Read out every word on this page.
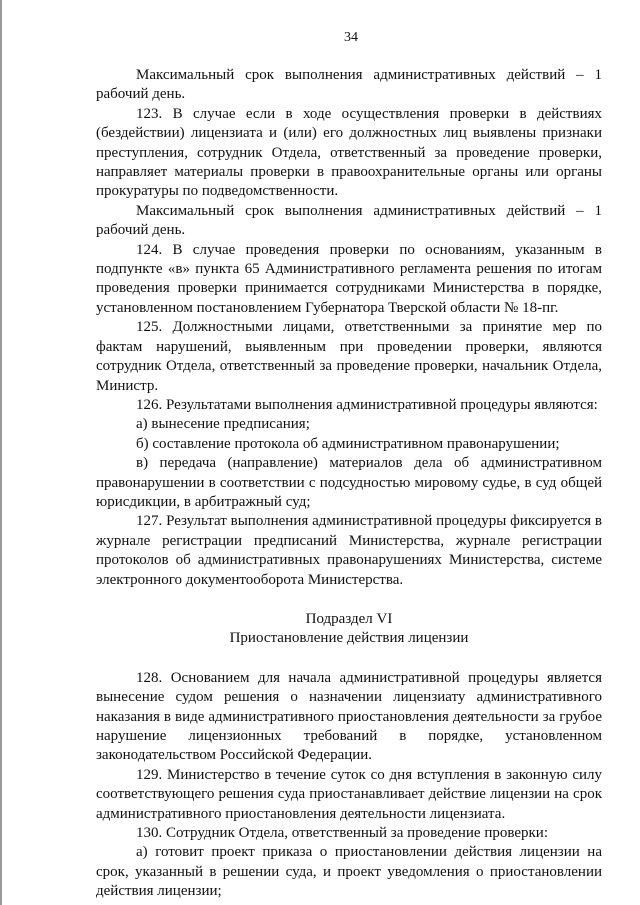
34

Максимальный срок выполнения административных действий – 1 рабочий день.

123. В случае если в ходе осуществления проверки в действиях (бездействии) лицензиата и (или) его должностных лиц выявлены признаки преступления, сотрудник Отдела, ответственный за проведение проверки, направляет материалы проверки в правоохранительные органы или органы прокуратуры по подведомственности.

Максимальный срок выполнения административных действий – 1 рабочий день.

124. В случае проведения проверки по основаниям, указанным в подпункте «в» пункта 65 Административного регламента решения по итогам проведения проверки принимается сотрудниками Министерства в порядке, установленном постановлением Губернатора Тверской области № 18-пг.

125. Должностными лицами, ответственными за принятие мер по фактам нарушений, выявленным при проведении проверки, являются сотрудник Отдела, ответственный за проведение проверки, начальник Отдела, Министр.

126. Результатами выполнения административной процедуры являются:

а) вынесение предписания;

б) составление протокола об административном правонарушении;

в) передача (направление) материалов дела об административном правонарушении в соответствии с подсудностью мировому судье, в суд общей юрисдикции, в арбитражный суд;

127. Результат выполнения административной процедуры фиксируется в журнале регистрации предписаний Министерства, журнале регистрации протоколов об административных правонарушениях Министерства, системе электронного документооборота Министерства.

Подраздел VI
Приостановление действия лицензии

128. Основанием для начала административной процедуры является вынесение судом решения о назначении лицензиату административного наказания в виде административного приостановления деятельности за грубое нарушение лицензионных требований в порядке, установленном законодательством Российской Федерации.

129. Министерство в течение суток со дня вступления в законную силу соответствующего решения суда приостанавливает действие лицензии на срок административного приостановления деятельности лицензиата.

130. Сотрудник Отдела, ответственный за проведение проверки:

а) готовит проект приказа о приостановлении действия лицензии на срок, указанный в решении суда, и проект уведомления о приостановлении действия лицензии;
